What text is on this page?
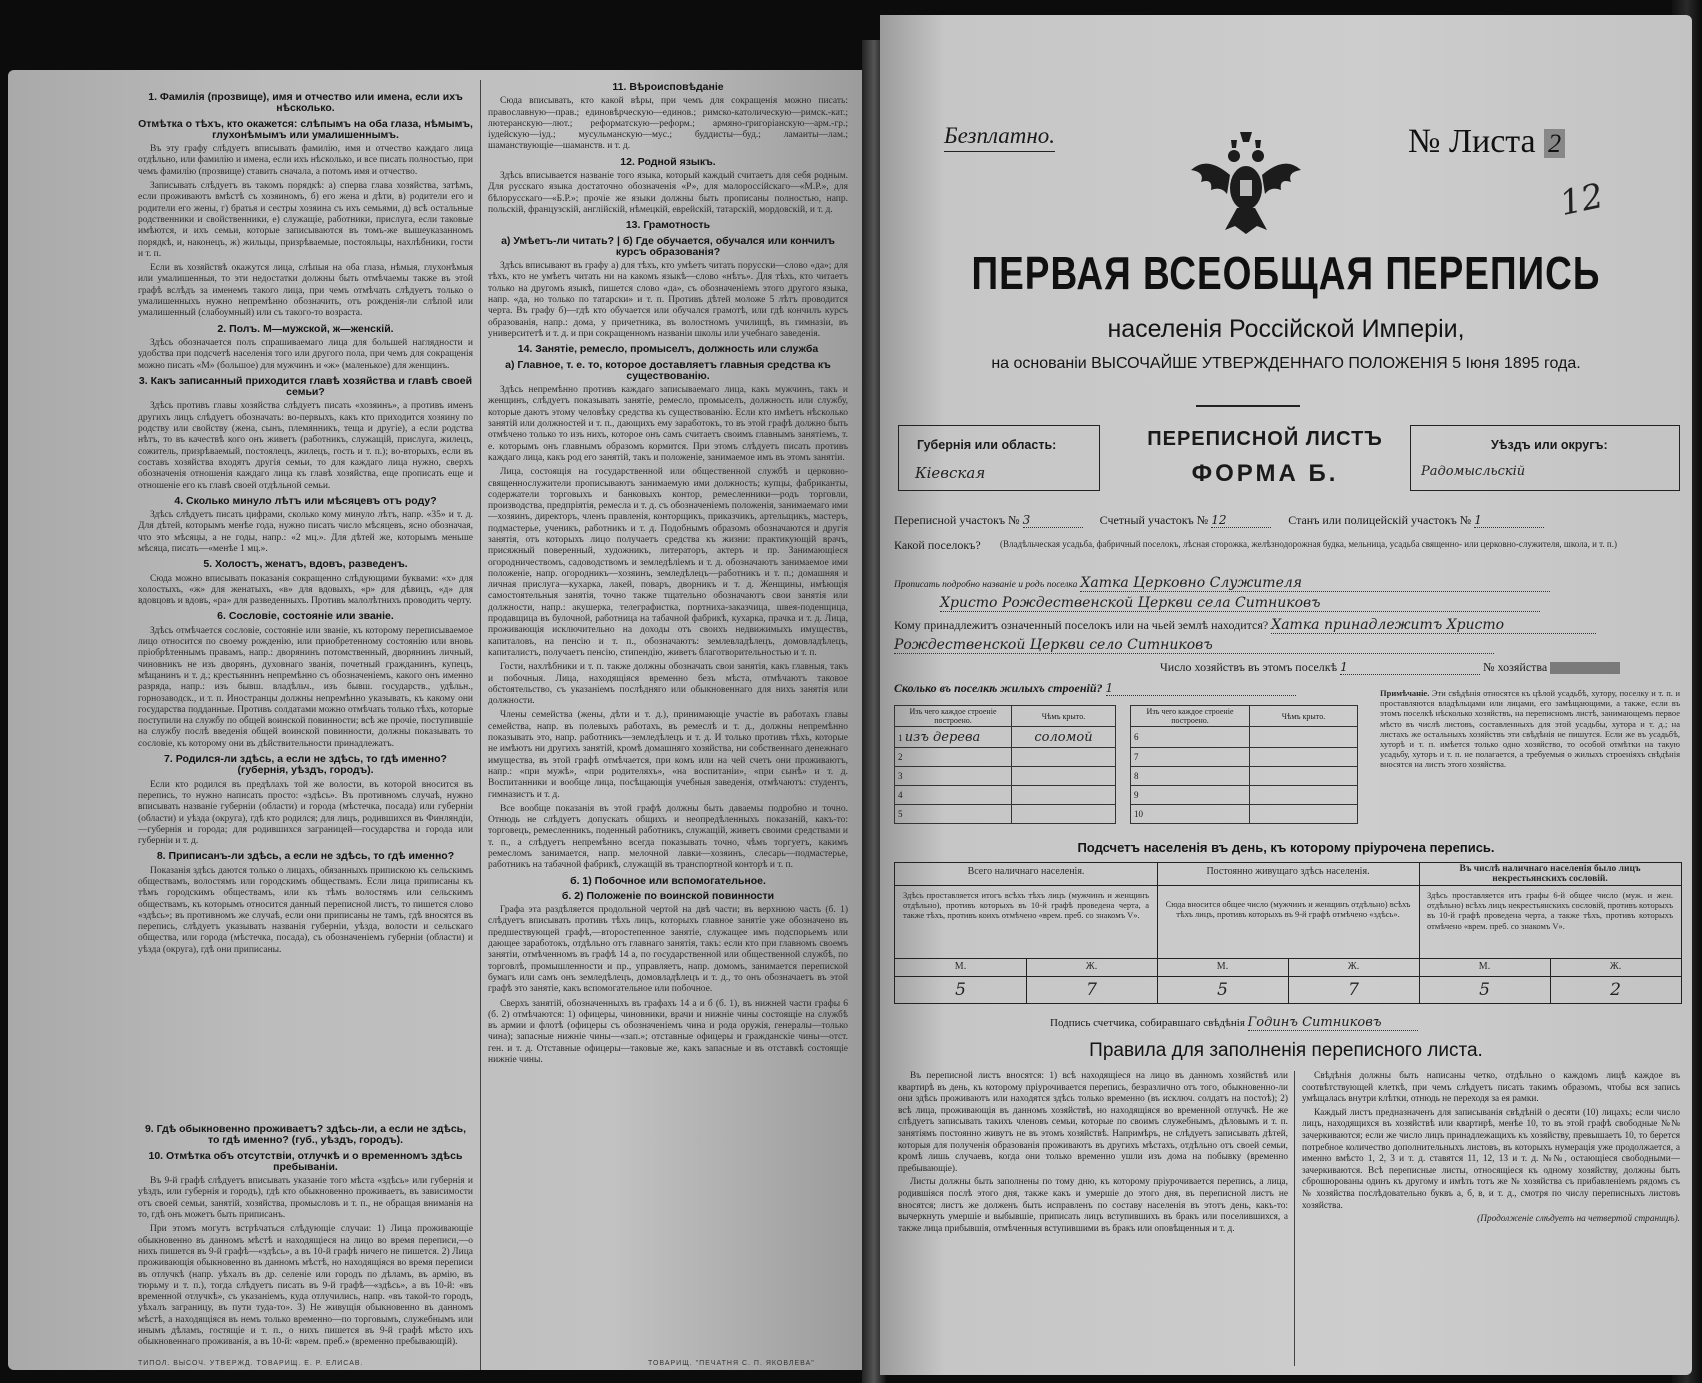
1. Фамилія (прозвище), имя и отчество или имена, если ихъ нѣсколько.
Отмѣтка о тѣхъ, кто окажется: слѣпымъ на оба глаза, нѣмымъ, глухонѣмымъ или умалишеннымъ.
Въ эту графу слѣдуетъ вписывать фамилію, имя и отчество каждаго лица отдѣльно, или фамилію и имена, если ихъ нѣсколько, и все писать полностью, при чемъ фамилію (прозвище) ставить сначала, а потомъ имя и отчество.
Записывать слѣдуетъ въ такомъ порядкѣ: а) сперва глава хозяйства, затѣмъ, если проживаютъ вмѣстѣ съ хозяиномъ, б) его жена и дѣти, в) родители его и родители его жены, г) братья и сестры хозяина съ ихъ семьями, д) всѣ остальные родственники и свойственники, е) служащіе, работники, прислуга, если таковые имѣются, и ихъ семьи, которые записываются въ томъ-же вышеуказанномъ порядкѣ, и, наконецъ, ж) жильцы, призрѣваемые, постояльцы, нахлѣбники, гости и т. п.
Если въ хозяйствѣ окажутся лица, слѣпыя на оба глаза, нѣмыя, глухонѣмыя или умалишенныя, то эти недостатки должны быть отмѣчаемы также въ этой графѣ вслѣдъ за именемъ такого лица, при чемъ отмѣчать слѣдуетъ только о умалишенныхъ нужно непремѣнно обозначить, отъ рожденія-ли слѣпой или умалишенный (слабоумный) или съ такого-то возраста.
2. Полъ. М—мужской, ж—женскій.
Здѣсь обозначается полъ спрашиваемаго лица для большей наглядности и удобства при подсчетѣ населенія того или другого пола, при чемъ для сокращенія можно писать «М» (большое) для мужчинъ и «ж» (маленькое) для женщинъ.
3. Какъ записанный приходится главѣ хозяйства и главѣ своей семьи?
Здѣсь противъ главы хозяйства слѣдуетъ писать «хозяинъ», а противъ именъ другихъ лицъ слѣдуетъ обозначать: во-первыхъ, какъ кто приходится хозяину по родству или свойству (жена, сынъ, племянникъ, теща и другіе), а если родства нѣтъ, то въ качествѣ кого онъ живетъ (работникъ, служащій, прислуга, жилецъ, сожитель, призрѣваемый, постоялецъ, жилецъ, гость и т. п.); во-вторыхъ, если въ составъ хозяйства входятъ другія семьи, то для каждаго лица нужно, сверхъ обозначенія отношенія каждаго лица къ главѣ хозяйства, еще прописать еще и отношеніе его къ главѣ своей отдѣльной семьи.
4. Сколько минуло лѣтъ или мѣсяцевъ отъ роду?
Здѣсь слѣдуетъ писать цифрами, сколько кому минуло лѣтъ, напр. «35» и т. д. Для дѣтей, которымъ менѣе года, нужно писать число мѣсяцевъ, ясно обозначая, что это мѣсяцы, а не годы, напр.: «2 мц.». Для дѣтей же, которымъ меньше мѣсяца, писать—«менѣе 1 мц.».
5. Холостъ, женатъ, вдовъ, разведенъ.
Сюда можно вписывать показанія сокращенно слѣдующими буквами: «х» для холостыхъ, «ж» для женатыхъ, «в» для вдовыхъ, «р» для дѣвицъ, «д» для вдовцовъ и вдовъ, «ра» для разведенныхъ. Противъ малолѣтнихъ проводить черту.
6. Сословіе, состояніе или званіе.
Здѣсь отмѣчается сословіе, состояніе или званіе, къ которому переписываемое лицо относится по своему рожденію, или приобретенному состоянію или вновь пріобрѣтеннымъ правамъ, напр.: дворянинъ потомственный, дворянинъ личный, чиновникъ не изъ дворянъ, духовнаго званія, почетный гражданинъ, купецъ, мѣщанинъ и т. д.; крестьянинъ непремѣнно съ обозначеніемъ, какого онъ именно разряда, напр.: изъ бывш. владѣльч., изъ бывш. государств., удѣльн., горнозаводск., и т. п. Иностранцы должны непремѣнно указывать, къ какому они государства подданные. Противъ солдатами можно отмѣчать только тѣхъ, которые поступили на службу по общей воинской повинности; всѣ же прочіе, поступившіе на службу послѣ введенія общей воинской повинности, должны показывать то сословіе, къ которому они въ дѣйствительности принадлежатъ.
7. Родился-ли здѣсь, а если не здѣсь, то гдѣ именно? (губернія, уѣздъ, городъ).
Если кто родился въ предѣлахъ той же волости, въ которой вносится въ перепись, то нужно написать просто: «здѣсь». Въ противномъ случаѣ, нужно вписывать названіе губерніи (области) и города (мѣстечка, посада) или губерніи (области) и уѣзда (округа), гдѣ кто родился; для лицъ, родившихся въ Финляндіи,—губернія и города; для родившихся заграницей—государства и города или губерніи и т. д.
8. Приписанъ-ли здѣсь, а если не здѣсь, то гдѣ именно?
Показанія здѣсь даются только о лицахъ, обязанныхъ припискою къ сельскимъ обществамъ, волостямъ или городскимъ обществамъ. Если лица приписаны къ тѣмъ городскимъ обществамъ, или къ тѣмъ волостямъ или сельскимъ обществамъ, къ которымъ относится данный переписной листъ, то пишется слово «здѣсь»; въ противномъ же случаѣ, если они приписаны не тамъ, гдѣ вносятся въ перепись, слѣдуетъ указывать названія губерніи, уѣзда, волости и сельскаго общества, или города (мѣстечка, посада), съ обозначеніемъ губерніи (области) и уѣзда (округа), гдѣ они приписаны.
9. Гдѣ обыкновенно проживаетъ? здѣсь-ли, а если не здѣсь, то гдѣ именно? (губ., уѣздъ, городъ).
10. Отмѣтка объ отсутствіи, отлучкѣ и о временномъ здѣсь пребываніи.
Въ 9-й графѣ слѣдуетъ вписывать указаніе того мѣста «здѣсь» или губернія и уѣздъ, или губернія и городъ), гдѣ кто обыкновенно проживаетъ, въ зависимости отъ своей семьи, занятій, хозяйства, промысловъ и т. п., не обращая вниманія на то, гдѣ онъ можетъ быть приписанъ.
При этомъ могутъ встрѣчаться слѣдующіе случаи: 1) Лица проживающіе обыкновенно въ данномъ мѣстѣ и находящіеся на лицо во время переписи,—о нихъ пишется въ 9-й графѣ—«здѣсь», а въ 10-й графѣ ничего не пишется. 2) Лица проживающія обыкновенно въ данномъ мѣстѣ, но находящіяся во время переписи въ отлучкѣ (напр. уѣхалъ въ др. селеніе или городъ по дѣламъ, въ армію, въ тюрьму и т. п.), тогда слѣдуетъ писать въ 9-й графѣ—«здѣсь», а въ 10-й: «въ временной отлучкѣ», съ указаніемъ, куда отлучились, напр. «въ такой-то городъ, уѣхалъ заграницу, въ пути туда-то». 3) Не живущія обыкновенно въ данномъ мѣстѣ, а находящіяся въ немъ только временно—по торговымъ, служебнымъ или инымъ дѣламъ, гостящіе и т. п., о нихъ пишется въ 9-й графѣ мѣсто ихъ обыкновеннаго проживанія, а въ 10-й: «врем. преб.» (временно пребывающій).
11. Вѣроисповѣданіе
Сюда вписывать, кто какой вѣры, при чемъ для сокращенія можно писать: православную—прав.; единовѣрческую—единов.; римско-католическую—римск.-кат.; лютеранскую—лют.; реформатскую—реформ.; армяно-григоріанскую—арм.-гр.; іудейскую—іуд.; мусульманскую—мус.; буддисты—буд.; ламаиты—лам.; шаманствующіе—шаманств. и т. д.
12. Родной языкъ.
Здѣсь вписывается названіе того языка, который каждый считаетъ для себя родным. Для русскаго языка достаточно обозначенія «Р», для малороссійскаго—«М.Р.», для бѣлорусскаго—«Б.Р.»; прочіе же языки должны быть прописаны полностью, напр. польскій, французскій, англійскій, нѣмецкій, еврейскій, татарскій, мордовскій, и т. д.
13. Грамотность
а) Умѣетъ-ли читать? | б) Где обучается, обучался или кончилъ курсъ образованія?
Здѣсь вписывают въ графу а) для тѣхъ, кто умѣетъ читать порусски—слово «да»; для тѣхъ, кто не умѣетъ читать ни на какомъ языкѣ—слово «нѣтъ». Для тѣхъ, кто читаетъ только на другомъ языкѣ, пишется слово «да», съ обозначеніемъ этого другого языка, напр. «да, но только по татарски» и т. п. Противъ дѣтей моложе 5 лѣтъ проводится черта. Въ графу б)—гдѣ кто обучается или обучался грамотѣ, или гдѣ кончилъ курсъ образованія, напр.: дома, у причетника, въ волостномъ училищѣ, въ гимназіи, въ университетѣ и т. д. и при сокращенномъ названіи школы или учебнаго заведенія.
14. Занятіе, ремесло, промыселъ, должность или служба
а) Главное, т. е. то, которое доставляетъ главныя средства къ существованію.
Здѣсь непремѣнно противъ каждаго записываемаго лица, какъ мужчинъ, такъ и женщинъ, слѣдуетъ показывать занятіе, ремесло, промыселъ, должность или службу, которые даютъ этому человѣку средства къ существованію. Если кто имѣетъ нѣсколько занятій или должностей и т. п., дающихъ ему заработокъ, то въ этой графѣ должно быть отмѣчено только то изъ нихъ, которое онъ самъ считаетъ своимъ главнымъ занятіемъ, т. е. которымъ онъ главнымъ образомъ кормится. При этомъ слѣдуетъ писать противъ каждаго лица, какъ род его занятій, такъ и положеніе, занимаемое имъ въ этомъ занятіи.
Лица, состоящія на государственной или общественной службѣ и церковно-священнослужители прописываютъ занимаемую ими должность; купцы, фабриканты, содержатели торговыхъ и банковыхъ контор, ремесленники—родъ торговли, производства, предпріятія, ремесла и т. д. съ обозначеніемъ положенія, занимаемаго ими—хозяинъ, директоръ, членъ правленія, конторщикъ, приказчикъ, артельщикъ, мастеръ, подмастерье, ученикъ, работникъ и т. д. Подобнымъ образомъ обозначаются и другія занятія, отъ которыхъ лицо получаетъ средства къ жизни: практикующій врачъ, присяжный поверенный, художникъ, литераторъ, актеръ и пр. Занимающіеся огородничествомъ, садоводствомъ и земледѣліемъ и т. д. обозначаютъ занимаемое ими положеніе, напр. огородникъ—хозяинъ, земледѣлецъ—работникъ и т. п.; домашняя и личная прислуга—кухарка, лакей, поваръ, дворникъ и т. д. Женщины, имѣющія самостоятельныя занятія, точно также тщательно обозначаютъ свои занятія или должности, напр.: акушерка, телеграфистка, портниха-заказчица, швея-поденщица, продавщица въ булочной, работница на табачной фабрикѣ, кухарка, прачка и т. д. Лица, проживающія исключительно на доходы отъ своихъ недвижимыхъ имуществъ, капиталовъ, на пенсію и т. п., обозначаютъ: землевладѣлецъ, домовладѣлецъ, капиталистъ, получаетъ пенсію, стипендію, живетъ благотворительностью и т. п.
Гости, нахлѣбники и т. п. также должны обозначать свои занятія, какъ главныя, такъ и побочныя. Лица, находящіяся временно безъ мѣста, отмѣчаютъ таковое обстоятельство, съ указаніемъ послѣдняго или обыкновеннаго для нихъ занятія или должности.
Члены семейства (жены, дѣти и т. д.), принимающіе участіе въ работахъ главы семейства, напр. въ полевыхъ работахъ, въ ремеслѣ и т. д., должны непремѣнно показывать это, напр. работникъ—земледѣлецъ и т. д. И только противъ тѣхъ, которые не имѣютъ ни другихъ занятій, кромѣ домашняго хозяйства, ни собственнаго денежнаго имущества, въ этой графѣ отмѣчается, при комъ или на чей счетъ они проживаютъ, напр.: «при мужѣ», «при родителяхъ», «на воспитаніи», «при сынѣ» и т. д. Воспитанники и вообще лица, посѣщающія учебныя заведенія, отмѣчаютъ: студентъ, гимназистъ и т. д.
Все вообще показанія въ этой графѣ должны быть даваемы подробно и точно. Отнюдь не слѣдуетъ допускать общихъ и неопредѣленныхъ показаній, какъ-то: торговецъ, ремесленникъ, поденный работникъ, служащій, живетъ своими средствами и т. п., а слѣдуетъ непремѣнно всегда показывать точно, чѣмъ торгуетъ, какимъ ремесломъ занимается, напр. мелочной лавки—хозяинъ, слесарь—подмастерье, работникъ на табачной фабрикѣ, служащій въ транспортной конторѣ и т. п.
б. 1) Побочное или вспомогательное.
б. 2) Положеніе по воинской повинности
Графа эта раздѣляется продольной чертой на двѣ части; въ верхнюю часть (б. 1) слѣдуетъ вписывать противъ тѣхъ лицъ, которыхъ главное занятіе уже обозначено въ предшествующей графѣ,—второстепенное занятіе, служащее имъ подспорьемъ или дающее заработокъ, отдѣльно отъ главнаго занятія, такъ: если кто при главномъ своемъ занятіи, отмѣченномъ въ графѣ 14 а, по государственной или общественной службѣ, по торговлѣ, промышленности и пр., управляетъ, напр. домомъ, занимается перепиской бумагъ или самъ онъ земледѣлецъ, домовладѣлецъ и т. д., то онъ обозначаетъ въ этой графѣ это занятіе, какъ вспомогательное или побочное.
Сверхъ занятій, обозначенныхъ въ графахъ 14 а и б (б. 1), въ нижней части графы 6 (б. 2) отмѣчаются: 1) офицеры, чиновники, врачи и нижніе чины состоящіе на службѣ въ армии и флотѣ (офицеры съ обозначеніемъ чина и рода оружія, генералы—только чина); запасные нижніе чины—«зап.»; отставные офицеры и гражданскіе чины—отст. ген. и т. д. Отставные офицеры—таковые же, какъ запасные и въ отставкѣ состоящіе нижніе чины.
ТИПОЛ. ВЫСОЧ. УТВЕРЖД. ТОВАРИЩ. Е. Р. ЕЛИСАВ.	ТОВАРИЩ. "ПЕЧАТНЯ С. П. ЯКОВЛЕВА"
Безплатно.	№ Листа 2
12
ПЕРВАЯ ВСЕОБЩАЯ ПЕРЕПИСЬ
населенія Россійской Имперіи,
на основаніи ВЫСОЧАЙШЕ УТВЕРЖДЕННАГО ПОЛОЖЕНІЯ 5 Іюня 1895 года.
Губернія или область:
Кіевская
ПЕРЕПИСНОЙ ЛИСТЪ
ФОРМА Б.
Уѣздъ или округъ:
Радомысльскій
Переписной участокъ № 3	Счетный участокъ № 12	Станъ или полицейскій участокъ № 1
Какой поселокъ? (Владѣльческая усадьба, фабричный поселокъ, лѣсная сторожка, желѣзнодорожная будка, мельница, усадьба священно- или церковно-служителя, школа, и т. п.)
Прописать подробно названіе и родъ поселка Хатка Церковно Служителя
Христо Рождественской Церкви села Ситниковъ
Кому принадлежитъ означенный поселокъ или на чьей землѣ находится? Хатка принадлежитъ Христо
Рождественской Церкви село Ситниковъ
Число хозяйствъ въ этомъ поселкѣ 1	№ хозяйства
Сколько въ поселкѣ жилыхъ строеній? 1
Изъ чего каждое строеніе построено.	Чѣмъ крыто.
1 изъ дерева	соломой
2	
3	
4	
5	
Изъ чего каждое строеніе построено.	Чѣмъ крыто.
6	
7	
8	
9	
10	
Примѣчаніе. Эти свѣдѣнія относятся къ цѣлой усадьбѣ, хутору, поселку и т. п. и проставляются владѣльцами или лицами, его замѣщающими, а также, если въ этомъ поселкѣ нѣсколько хозяйствъ, на переписномъ листѣ, занимающемъ первое мѣсто въ числѣ листовъ, составленныхъ для этой усадьбы, хутора и т. д.; на листахъ же остальныхъ хозяйствъ эти свѣдѣнія не пишутся. Если же въ усадьбѣ, хуторѣ и т. п. имѣется только одно хозяйство, то особой отмѣтки на такую усадьбу, хуторъ и т. п. не полагается, а требуемыя о жилыхъ строеніяхъ свѣдѣнія вносятся на листъ этого хозяйства.
Подсчетъ населенія въ день, къ которому пріурочена перепись.
Всего наличнаго населенія.	Постоянно живущаго здѣсь населенія.	Въ числѣ наличнаго населенія было лицъ некрестьянскихъ сословій.
Здѣсь проставляется итогъ всѣхъ тѣхъ лицъ (мужчинъ и женщинъ отдѣльно), противъ которыхъ въ 10-й графѣ проведена черта, а также тѣхъ, противъ коихъ отмѣчено «врем. преб. со знакомъ V».
Сюда вносится общее число (мужчинъ и женщинъ отдѣльно) всѣхъ тѣхъ лицъ, противъ которыхъ въ 9-й графѣ отмѣчено «здѣсь».
Здѣсь проставляется итъ графы 6-й общее число (муж. и жен. отдѣльно) всѣхъ лицъ некрестьянскихъ сословій, противъ которыхъ въ 10-й графѣ проведена черта, а также тѣхъ, противъ которыхъ отмѣчено «врем. преб. со знакомъ V».
М.	Ж.	М.	Ж.	М.	Ж.
5	7	5	7	5	2
Подпись счетчика, собиравшаго свѣдѣнія Годинъ Ситниковъ
Правила для заполненія переписного листа.

Въ переписной листъ вносятся: 1) всѣ находящіеся на лицо въ данномъ хозяйствѣ или квартирѣ въ день, къ которому пріурочивается перепись, безразлично отъ того, обыкновенно-ли они здѣсь проживаютъ или находятся здѣсь только временно (въ исключ. солдатъ на постоѣ); 2) всѣ лица, проживающія въ данномъ хозяйствѣ, но находящіяся во временной отлучкѣ. Не же слѣдуетъ записывать такихъ членовъ семьи, которые по своимъ служебнымъ, дѣловымъ и т. п. занятіямъ постоянно живутъ не въ этомъ хозяйствѣ. Напримѣръ, не слѣдуетъ записывать дѣтей, которыя для полученія образованія проживаютъ въ другихъ мѣстахъ, отдѣльно отъ своей семьи, кромѣ лишь случаевъ, когда они только временно ушли изъ дома на побывку (временно пребывающіе).

Листы должны быть заполнены по тому дню, къ которому пріурочивается перепись, а лица, родившіяся послѣ этого дня, также какъ и умершіе до этого дня, въ переписной листъ не вносятся; листъ же долженъ быть исправленъ по составу населенія въ этотъ день, какъ-то: вычеркнуть умершіе и выбывшіе, приписать лицъ вступившихъ въ бракъ или поселившихся, а также лица прибывшія, отмѣченныя вступившими въ бракъ или оповѣщенныя и т. д.

Свѣдѣнія должны быть написаны четко, отдѣльно о каждомъ лицѣ каждое въ соотвѣтствующей клеткѣ, при чемъ слѣдуетъ писать такимъ образомъ, чтобы вся запись умѣщалась внутри клѣтки, отнюдь не переходя за ея рамки.

Каждый листъ предназначенъ для записыванія свѣдѣній о десяти (10) лицахъ; если число лицъ, находящихся въ хозяйствѣ или квартирѣ, менѣе 10, то въ этой графѣ свободные №№ зачеркиваются; если же число лицъ принадлежащихъ къ хозяйству, превышаетъ 10, то берется потребное количество дополнительныхъ листовъ, въ которыхъ нумерація уже продолжается, а именно вмѣсто 1, 2, 3 и т. д. ставятся 11, 12, 13 и т. д. №№, остающіеся свободными—зачеркиваются. Всѣ переписные листы, относящіеся къ одному хозяйству, должны быть сброшюрованы одинъ къ другому и имѣть тотъ же № хозяйства съ прибавленіемъ рядомъ съ № хозяйства послѣдовательно буквъ а, б, в, и т. д., смотря по числу переписныхъ листовъ хозяйства.

(Продолженіе слѣдуетъ на четвертой страницѣ).
